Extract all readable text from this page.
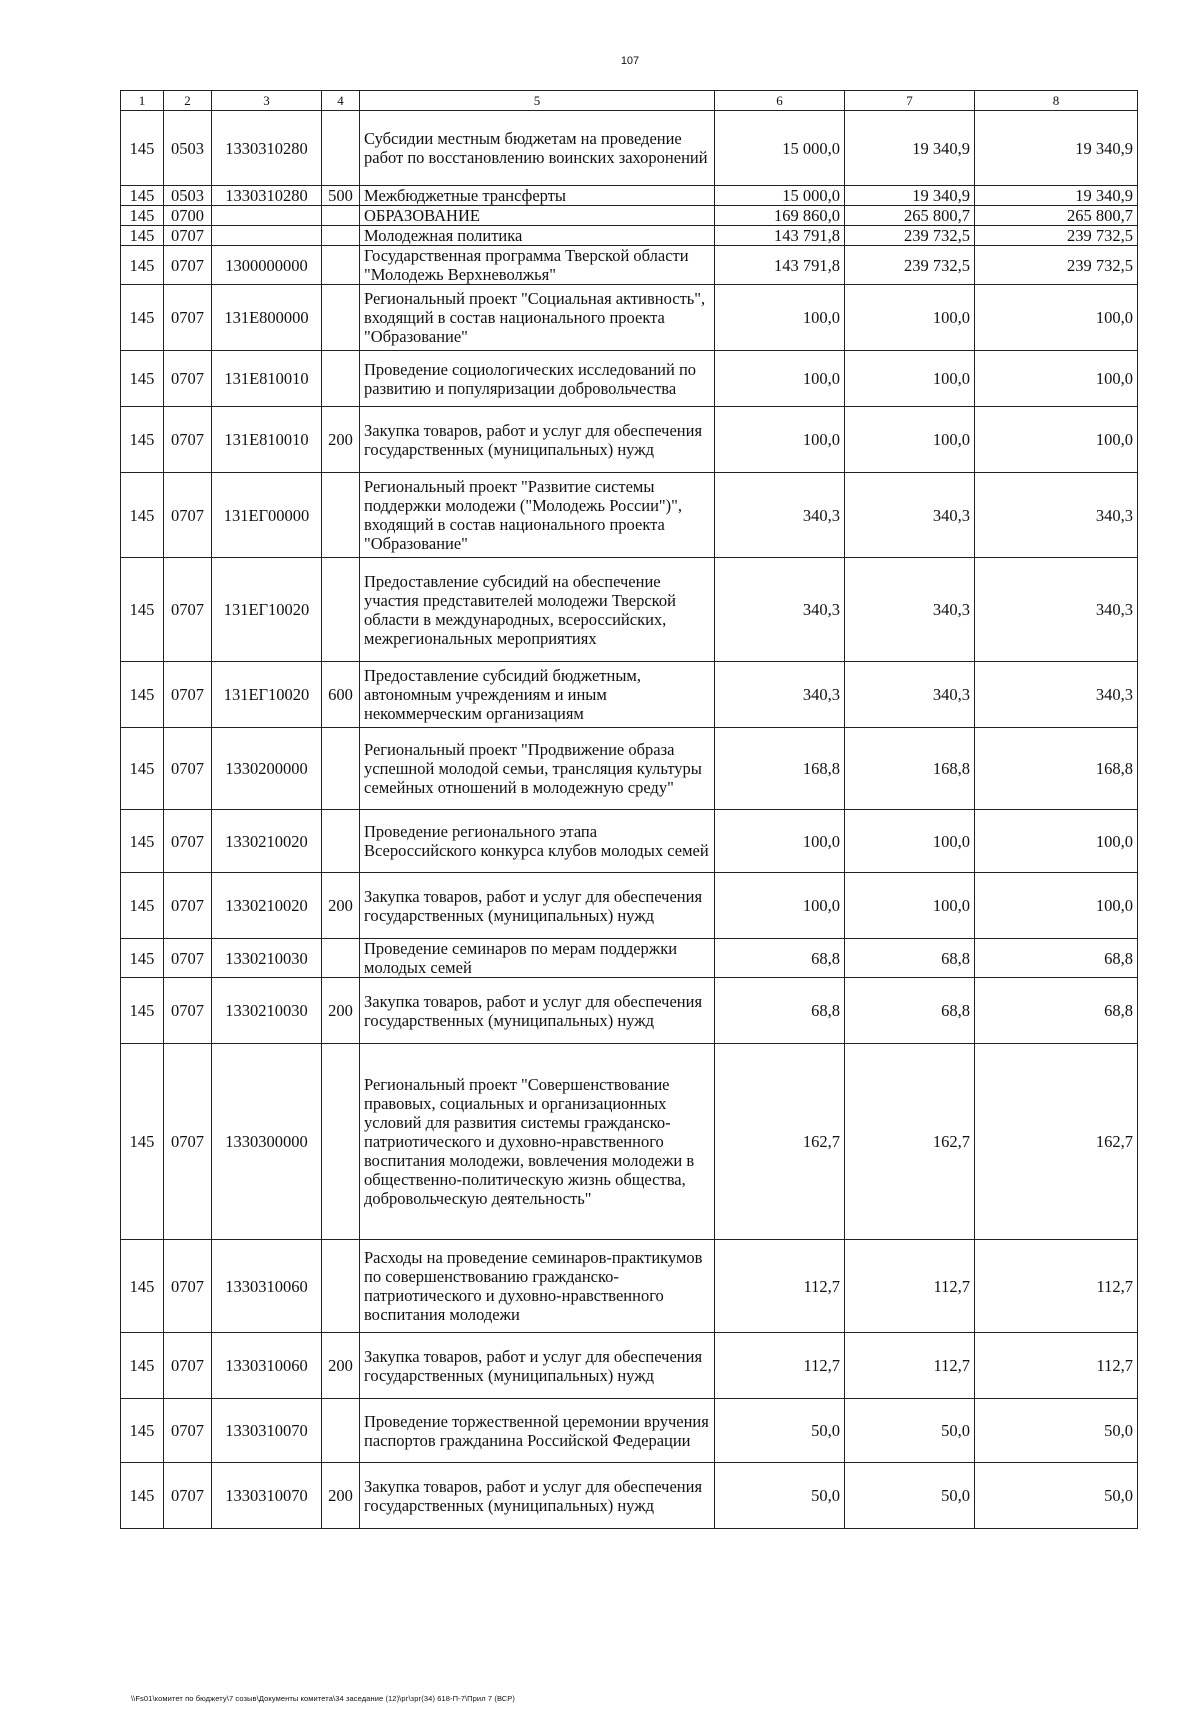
107
1	2	3	4	5	6	7	8
145	0503	1330310280		Субсидии местным бюджетам на проведение работ по восстановлению воинских захоронений	15 000,0	19 340,9	19 340,9
145	0503	1330310280	500	Межбюджетные трансферты	15 000,0	19 340,9	19 340,9
145	0700			ОБРАЗОВАНИЕ	169 860,0	265 800,7	265 800,7
145	0707			Молодежная политика	143 791,8	239 732,5	239 732,5
145	0707	1300000000		Государственная программа Тверской области "Молодежь Верхневолжья"	143 791,8	239 732,5	239 732,5
145	0707	131E800000		Региональный проект "Социальная активность", входящий в состав национального проекта "Образование"	100,0	100,0	100,0
145	0707	131E810010		Проведение социологических исследований по развитию и популяризации добровольчества	100,0	100,0	100,0
145	0707	131E810010	200	Закупка товаров, работ и услуг для обеспечения государственных (муниципальных) нужд	100,0	100,0	100,0
145	0707	131ЕГ00000		Региональный проект "Развитие системы поддержки молодежи ("Молодежь России")", входящий в состав национального проекта "Образование"	340,3	340,3	340,3
145	0707	131ЕГ10020		Предоставление субсидий на обеспечение участия представителей молодежи Тверской области в международных, всероссийских, межрегиональных мероприятиях	340,3	340,3	340,3
145	0707	131ЕГ10020	600	Предоставление субсидий бюджетным, автономным учреждениям и иным некоммерческим организациям	340,3	340,3	340,3
145	0707	1330200000		Региональный проект "Продвижение образа успешной молодой семьи, трансляция культуры семейных отношений в молодежную среду"	168,8	168,8	168,8
145	0707	1330210020		Проведение регионального этапа Всероссийского конкурса клубов молодых семей	100,0	100,0	100,0
145	0707	1330210020	200	Закупка товаров, работ и услуг для обеспечения государственных (муниципальных) нужд	100,0	100,0	100,0
145	0707	1330210030		Проведение семинаров по мерам поддержки молодых семей	68,8	68,8	68,8
145	0707	1330210030	200	Закупка товаров, работ и услуг для обеспечения государственных (муниципальных) нужд	68,8	68,8	68,8
145	0707	1330300000		Региональный проект "Совершенствование правовых, социальных и организационных условий для развития системы гражданско-патриотического и духовно-нравственного воспитания молодежи, вовлечения молодежи в общественно-политическую жизнь общества, добровольческую деятельность"	162,7	162,7	162,7
145	0707	1330310060		Расходы на проведение семинаров-практикумов по совершенствованию гражданско-патриотического и духовно-нравственного воспитания молодежи	112,7	112,7	112,7
145	0707	1330310060	200	Закупка товаров, работ и услуг для обеспечения государственных (муниципальных) нужд	112,7	112,7	112,7
145	0707	1330310070		Проведение торжественной церемонии вручения паспортов гражданина Российской Федерации	50,0	50,0	50,0
145	0707	1330310070	200	Закупка товаров, работ и услуг для обеспечения государственных (муниципальных) нужд	50,0	50,0	50,0
\\Fs01\комитет по бюджету\7 созыв\Документы комитета\34 заседание (12)\рг\зрг(34) 618-П-7\Прил 7 (ВСР)
